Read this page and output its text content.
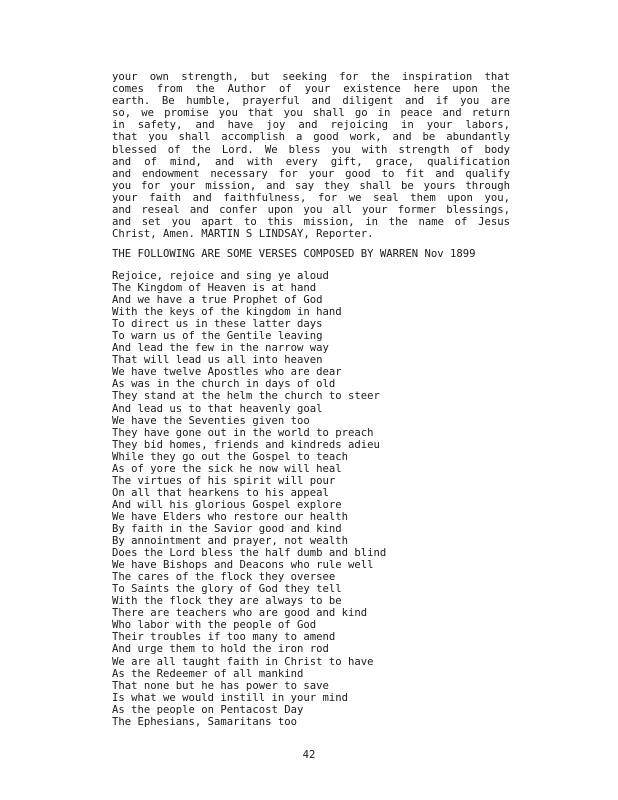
your own strength, but seeking for the inspiration that
comes from the Author of your existence here upon the
earth. Be humble, prayerful and diligent and if you are
so, we promise you that you shall go in peace and return
in safety, and have joy and rejoicing in your labors,
that you shall accomplish a good work, and be abundantly
blessed of the Lord. We bless you with strength of body
and of mind, and with every gift, grace, qualification
and endowment necessary for your good to fit and qualify
you for your mission, and say they shall be yours through
your faith and faithfulness, for we seal them upon you,
and reseal and confer upon you all your former blessings,
and set you apart to this mission, in the name of Jesus
Christ, Amen. MARTIN S LINDSAY, Reporter.
THE FOLLOWING ARE SOME VERSES COMPOSED BY WARREN Nov 1899
Rejoice, rejoice and sing ye aloud
The Kingdom of Heaven is at hand
And we have a true Prophet of God
With the keys of the kingdom in hand
To direct us in these latter days
To warn us of the Gentile leaving
And lead the few in the narrow way
That will lead us all into heaven
We have twelve Apostles who are dear
As was in the church in days of old
They stand at the helm the church to steer
And lead us to that heavenly goal
We have the Seventies given too
They have gone out in the world to preach
They bid homes, friends and kindreds adieu
While they go out the Gospel to teach
As of yore the sick he now will heal
The virtues of his spirit will pour
On all that hearkens to his appeal
And will his glorious Gospel explore
We have Elders who restore our health
By faith in the Savior good and kind
By annointment and prayer, not wealth
Does the Lord bless the half dumb and blind
We have Bishops and Deacons who rule well
The cares of the flock they oversee
To Saints the glory of God they tell
With the flock they are always to be
There are teachers who are good and kind
Who labor with the people of God
Their troubles if too many to amend
And urge them to hold the iron rod
We are all taught faith in Christ to have
As the Redeemer of all mankind
That none but he has power to save
Is what we would instill in your mind
As the people on Pentacost Day
The Ephesians, Samaritans too
42
